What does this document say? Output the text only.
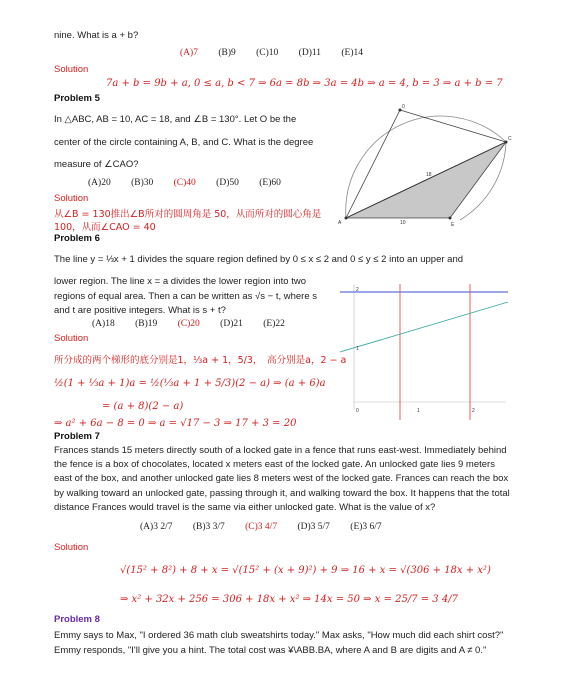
nine. What is a + b?
(A)7 (B)9 (C)10 (D)11 (E)14
Solution
7a + b = 9b + a, 0 ≤ a, b < 7 ⇒ 6a = 8b ⇒ 3a = 4b ⇒ a = 4, b = 3 ⇒ a + b = 7
Problem 5
In △ABC, AB = 10, AC = 18, and ∠B = 130°. Let O be the
center of the circle containing A, B, and C. What is the degree
measure of ∠CAO?
(A)20 (B)30 (C)40 (D)50 (E)60
Solution
从∠B = 130推出∠B所对的圆周角是 50，从而所对的圆心角是
100，从而∠CAO = 40
0
A
C
E
18
10
Problem 6
The line y = ⅓x + 1 divides the square region defined by 0 ≤ x ≤ 2 and 0 ≤ y ≤ 2 into an upper and
lower region. The line x = a divides the lower region into two
regions of equal area. Then a can be written as √s − t, where s
and t are positive integers. What is s + t?
(A)18 (B)19 (C)20 (D)21 (E)22
Solution
所分成的两个梯形的底分别是1，⅓a + 1，5/3，　高分别是a，2 − a
½(1 + ⅓a + 1)a = ½(⅓a + 1 + 5/3)(2 − a) ⇒ (a + 6)a
= (a + 8)(2 − a)
⇒ a² + 6a − 8 = 0 ⇒ a = √17 − 3 ⇒ 17 + 3 = 20
0	1	2
1
2
Problem 7
Frances stands 15 meters directly south of a locked gate in a fence that runs east-west. Immediately behind
the fence is a box of chocolates, located x meters east of the locked gate. An unlocked gate lies 9 meters
east of the box, and another unlocked gate lies 8 meters west of the locked gate. Frances can reach the box
by walking toward an unlocked gate, passing through it, and walking toward the box. It happens that the total
distance Frances would travel is the same via either unlocked gate. What is the value of x?
(A)3 2/7 (B)3 3/7 (C)3 4/7 (D)3 5/7 (E)3 6/7
Solution
√(15² + 8²) + 8 + x = √(15² + (x + 9)²) + 9 ⇒ 16 + x = √(306 + 18x + x²)
⇒ x² + 32x + 256 = 306 + 18x + x² ⇒ 14x = 50 ⇒ x = 25/7 = 3 4/7
Problem 8
Emmy says to Max, "I ordered 36 math club sweatshirts today." Max asks, "How much did each shirt cost?"
Emmy responds, "I'll give you a hint. The total cost was ¥\ABB.BA, where A and B are digits and A ≠ 0."
